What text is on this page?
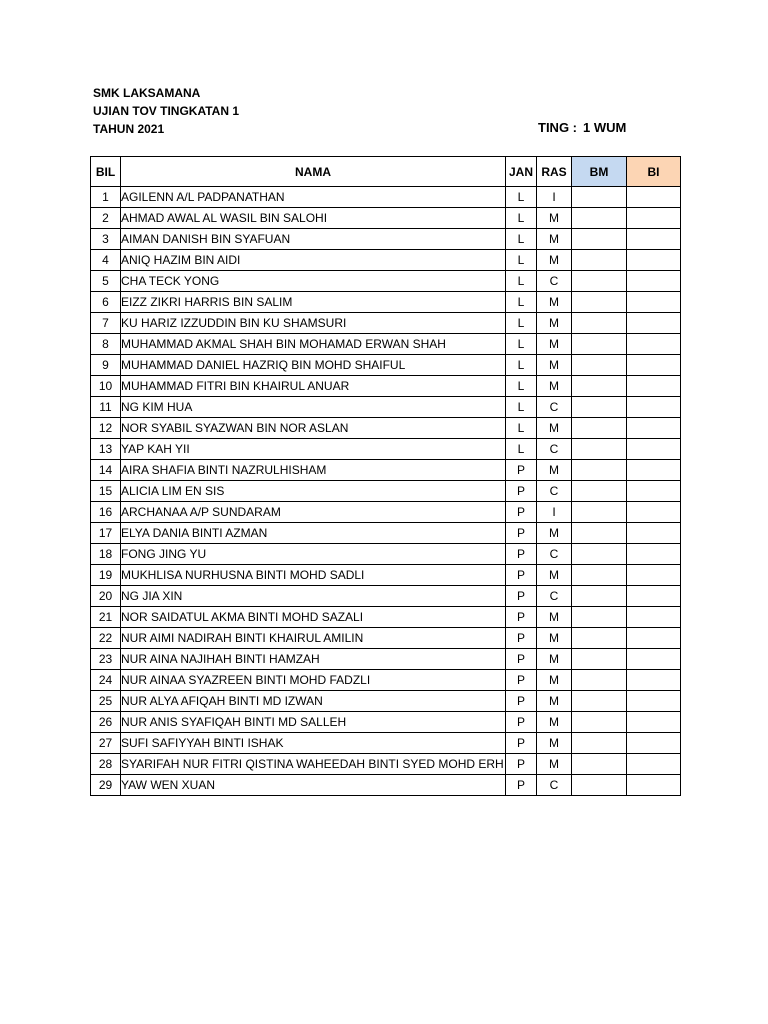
SMK LAKSAMANA
UJIAN TOV TINGKATAN 1
TAHUN 2021	TING : 1 WUM
BIL	NAMA	JAN	RAS	BM	BI
1	AGILENN A/L PADPANATHAN	L	I		
2	AHMAD AWAL AL WASIL BIN SALOHI	L	M		
3	AIMAN DANISH BIN SYAFUAN	L	M		
4	ANIQ HAZIM BIN AIDI	L	M		
5	CHA TECK YONG	L	C		
6	EIZZ ZIKRI HARRIS BIN SALIM	L	M		
7	KU HARIZ IZZUDDIN BIN KU SHAMSURI	L	M		
8	MUHAMMAD AKMAL SHAH BIN MOHAMAD ERWAN SHAH	L	M		
9	MUHAMMAD DANIEL HAZRIQ BIN MOHD SHAIFUL	L	M		
10	MUHAMMAD FITRI BIN KHAIRUL ANUAR	L	M		
11	NG KIM HUA	L	C		
12	NOR SYABIL SYAZWAN BIN NOR ASLAN	L	M		
13	YAP KAH YII	L	C		
14	AIRA SHAFIA BINTI NAZRULHISHAM	P	M		
15	ALICIA LIM EN SIS	P	C		
16	ARCHANAA A/P SUNDARAM	P	I		
17	ELYA DANIA BINTI AZMAN	P	M		
18	FONG JING YU	P	C		
19	MUKHLISA NURHUSNA BINTI MOHD SADLI	P	M		
20	NG JIA XIN	P	C		
21	NOR SAIDATUL AKMA BINTI MOHD SAZALI	P	M		
22	NUR AIMI NADIRAH BINTI KHAIRUL AMILIN	P	M		
23	NUR AINA NAJIHAH BINTI HAMZAH	P	M		
24	NUR AINAA SYAZREEN BINTI MOHD FADZLI	P	M		
25	NUR ALYA AFIQAH BINTI MD IZWAN	P	M		
26	NUR ANIS SYAFIQAH BINTI MD SALLEH	P	M		
27	SUFI SAFIYYAH BINTI ISHAK	P	M		
28	SYARIFAH NUR FITRI QISTINA WAHEEDAH BINTI SYED MOHD ERH	P	M		
29	YAW WEN XUAN	P	C		
